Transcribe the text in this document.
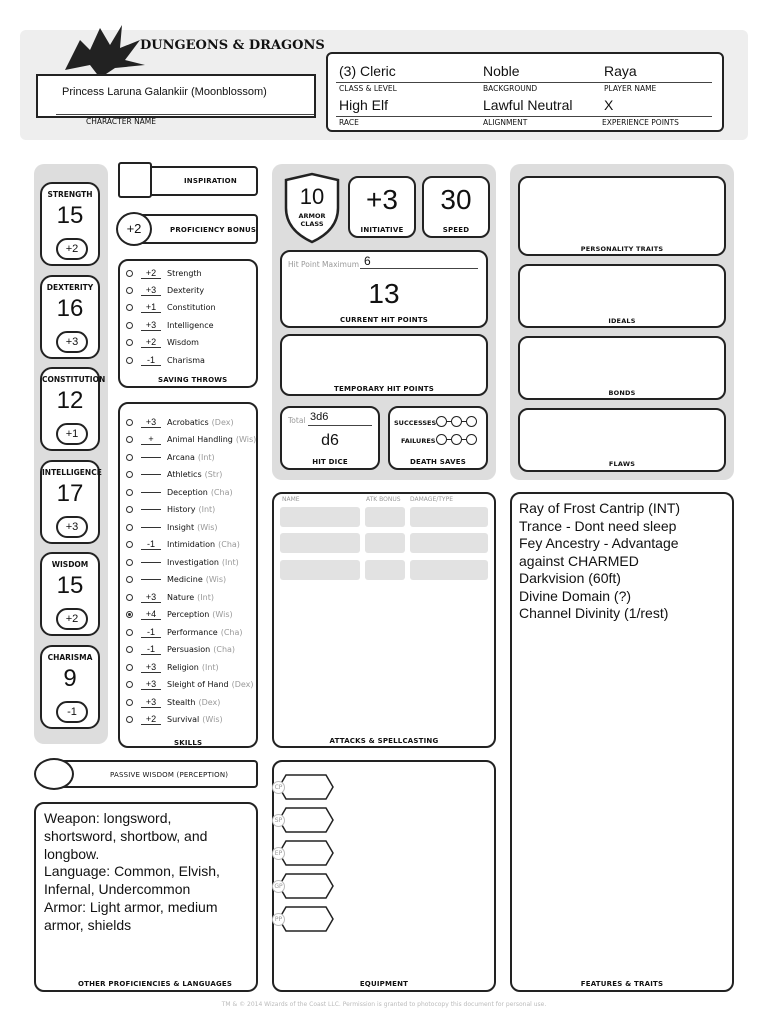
DUNGEONS & DRAGONS
Princess Laruna Galankiir (Moonblossom)
CHARACTER NAME
(3) Cleric
CLASS & LEVEL
Noble
BACKGROUND
Raya
PLAYER NAME
High Elf
RACE
Lawful Neutral
ALIGNMENT
X
EXPERIENCE POINTS
STRENGTH
15
+2
DEXTERITY
16
+3
CONSTITUTION
12
+1
INTELLIGENCE
17
+3
WISDOM
15
+2
CHARISMA
9
-1
INSPIRATION
+2	PROFICIENCY BONUS
+2	Strength
+3	Dexterity
+1	Constitution
+3	Intelligence
+2	Wisdom
-1	Charisma
SAVING THROWS
+3	Acrobatics (Dex)
+	Animal Handling (Wis)
Arcana (Int)
Athletics (Str)
Deception (Cha)
History (Int)
Insight (Wis)
-1	Intimidation (Cha)
Investigation (Int)
Medicine (Wis)
+3	Nature (Int)
+4	Perception (Wis)
-1	Performance (Cha)
-1	Persuasion (Cha)
+3	Religion (Int)
+3	Sleight of Hand (Dex)
+3	Stealth (Dex)
+2	Survival (Wis)
SKILLS
PASSIVE WISDOM (PERCEPTION)
Weapon: longsword,
shortsword, shortbow, and
longbow.
Language: Common, Elvish,
Infernal, Undercommon
Armor: Light armor, medium
armor, shields
OTHER PROFICIENCIES & LANGUAGES
10
ARMOR CLASS
+3
INITIATIVE
30
SPEED
Hit Point Maximum 6
13
CURRENT HIT POINTS
TEMPORARY HIT POINTS
Total 3d6
d6
HIT DICE
SUCCESSES
FAILURES
DEATH SAVES
NAME	ATK BONUS DAMAGE/TYPE
ATTACKS & SPELLCASTING
CP
SP
EP
GP
PP
EQUIPMENT
PERSONALITY TRAITS
IDEALS
BONDS
FLAWS
Ray of Frost Cantrip (INT)
Trance - Dont need sleep
Fey Ancestry - Advantage
against CHARMED
Darkvision (60ft)
Divine Domain (?)
Channel Divinity (1/rest)
FEATURES & TRAITS
TM & © 2014 Wizards of the Coast LLC. Permission is granted to photocopy this document for personal use.
